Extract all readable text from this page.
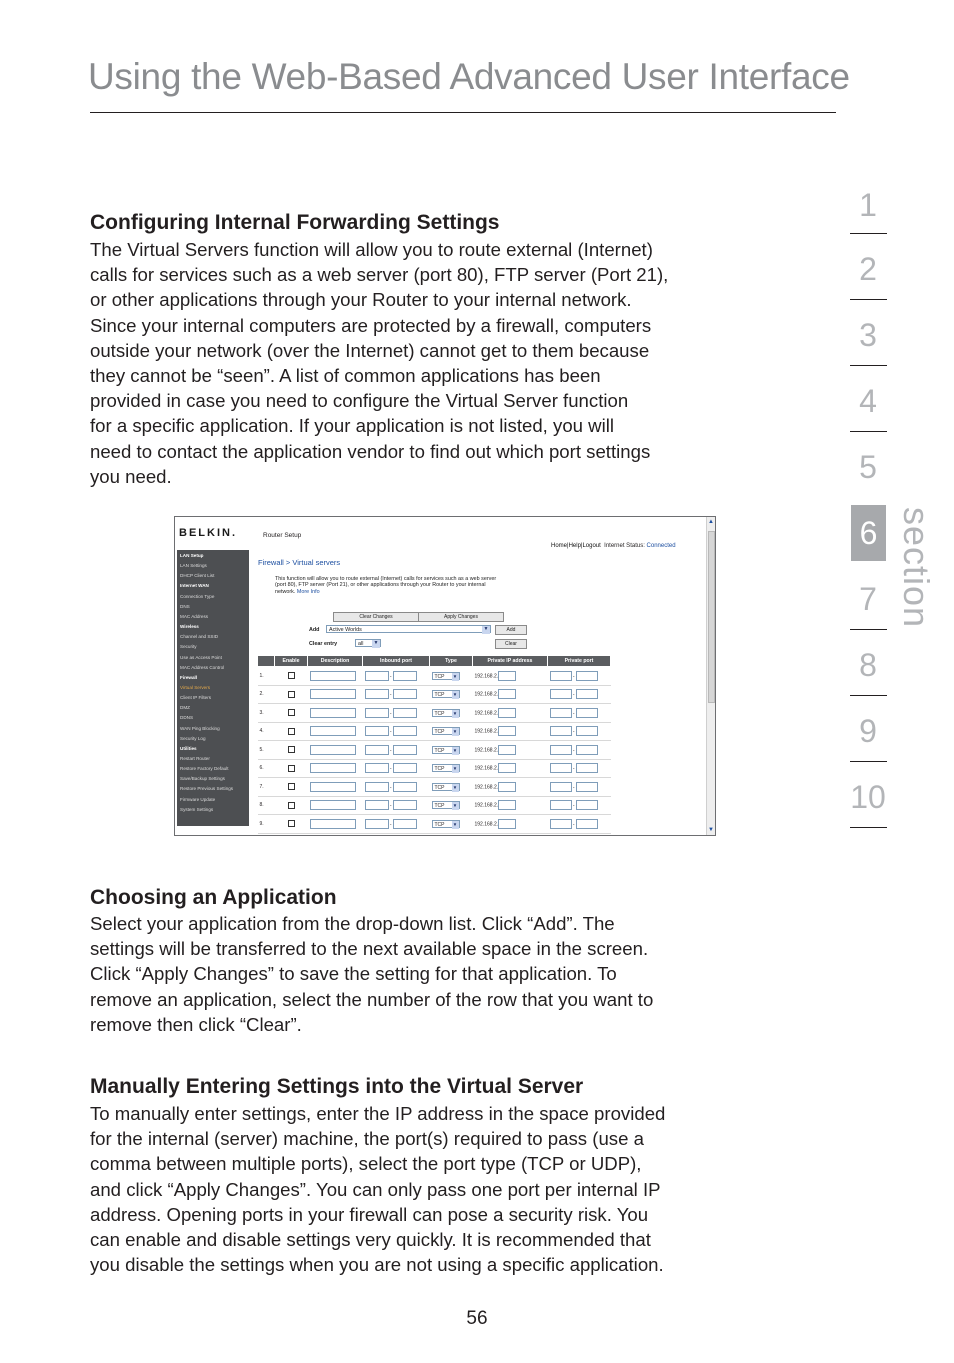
Using the Web-Based Advanced User Interface
1
2
3
4
5
6
7
8
9
10
section
Configuring Internal Forwarding Settings
The Virtual Servers function will allow you to route external (Internet)
calls for services such as a web server (port 80), FTP server (Port 21),
or other applications through your Router to your internal network.
Since your internal computers are protected by a firewall, computers
outside your network (over the Internet) cannot get to them because
they cannot be “seen”. A list of common applications has been
provided in case you need to configure the Virtual Server function
for a specific application. If your application is not listed, you will
need to contact the application vendor to find out which port settings
you need.
BELKIN.	Router Setup
Home|Help|Logout Internet Status: Connected
LAN Setup
LAN Settings
DHCP Client List
Internet WAN
Connection Type
DNS
MAC Address
Wireless
Channel and SSID
Security
Use as Access Point
MAC Address Control
Firewall
Virtual Servers
Client IP Filters
DMZ
DDNS
WAN Ping Blocking
Security Log
Utilities
Restart Router
Restore Factory Default
Save/Backup Settings
Restore Previous Settings
Firmware Update
System Settings
▲
▼
Firewall > Virtual servers
This function will allow you to route external (Internet) calls for services such as a web server
(port 80), FTP server (Port 21), or other applications through your Router to your internal
network. More Info
Clear Changes	Apply Changes
Add	Active Worlds	▼	Add
Clear entry	all	▼	Clear
	Enable	Description	Inbound port	Type	Private IP address	Private port
1.			-	TCP ▼	192.168.2.	-
2.			-	TCP ▼	192.168.2.	-
3.			-	TCP ▼	192.168.2.	-
4.			-	TCP ▼	192.168.2.	-
5.			-	TCP ▼	192.168.2.	-
6.			-	TCP ▼	192.168.2.	-
7.			-	TCP ▼	192.168.2.	-
8.			-	TCP ▼	192.168.2.	-
9.			-	TCP ▼	192.168.2.	-
Choosing an Application
Select your application from the drop-down list. Click “Add”. The
settings will be transferred to the next available space in the screen.
Click “Apply Changes” to save the setting for that application. To
remove an application, select the number of the row that you want to
remove then click “Clear”.
Manually Entering Settings into the Virtual Server
To manually enter settings, enter the IP address in the space provided
for the internal (server) machine, the port(s) required to pass (use a
comma between multiple ports), select the port type (TCP or UDP),
and click “Apply Changes”. You can only pass one port per internal IP
address. Opening ports in your firewall can pose a security risk. You
can enable and disable settings very quickly. It is recommended that
you disable the settings when you are not using a specific application.
56
